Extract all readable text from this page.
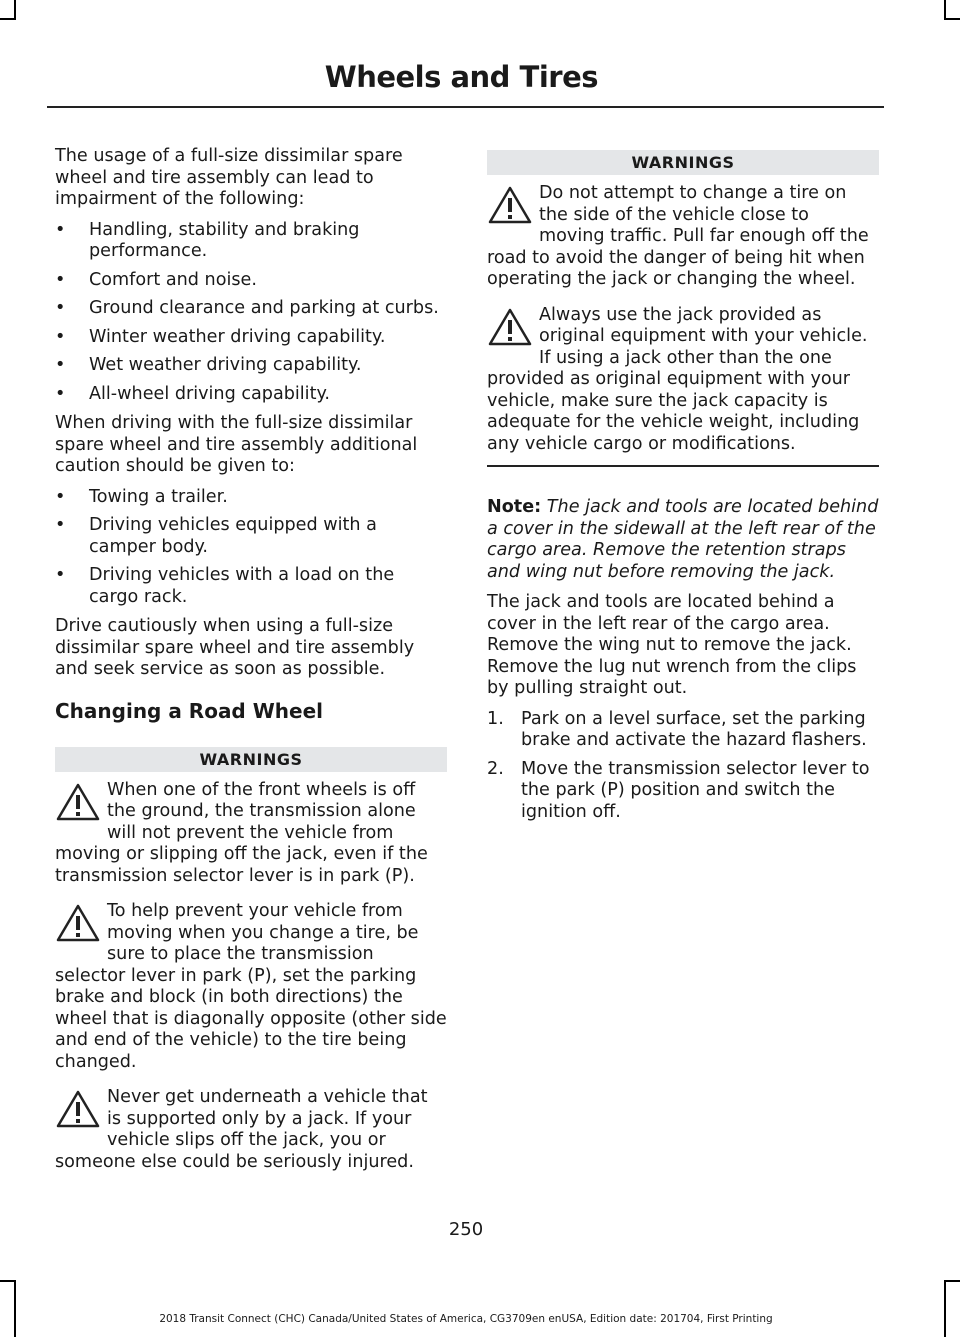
Wheels and Tires

The usage of a full-size dissimilar spare wheel and tire assembly can lead to impairment of the following:

• Handling, stability and braking performance.
• Comfort and noise.
• Ground clearance and parking at curbs.
• Winter weather driving capability.
• Wet weather driving capability.
• All-wheel driving capability.

When driving with the full-size dissimilar spare wheel and tire assembly additional caution should be given to:

• Towing a trailer.
• Driving vehicles equipped with a camper body.
• Driving vehicles with a load on the cargo rack.

Drive cautiously when using a full-size dissimilar spare wheel and tire assembly and seek service as soon as possible.

Changing a Road Wheel
WARNINGS
When one of the front wheels is off the ground, the transmission alone will not prevent the vehicle from moving or slipping off the jack, even if the transmission selector lever is in park (P).
To help prevent your vehicle from moving when you change a tire, be sure to place the transmission selector lever in park (P), set the parking brake and block (in both directions) the wheel that is diagonally opposite (other side and end of the vehicle) to the tire being changed.
Never get underneath a vehicle that is supported only by a jack. If your vehicle slips off the jack, you or someone else could be seriously injured.
WARNINGS
Do not attempt to change a tire on the side of the vehicle close to moving traffic. Pull far enough off the road to avoid the danger of being hit when operating the jack or changing the wheel.
Always use the jack provided as original equipment with your vehicle. If using a jack other than the one provided as original equipment with your vehicle, make sure the jack capacity is adequate for the vehicle weight, including any vehicle cargo or modifications.

Note: The jack and tools are located behind a cover in the sidewall at the left rear of the cargo area. Remove the retention straps and wing nut before removing the jack.

The jack and tools are located behind a cover in the left rear of the cargo area. Remove the wing nut to remove the jack. Remove the lug nut wrench from the clips by pulling straight out.

1. Park on a level surface, set the parking brake and activate the hazard flashers.
2. Move the transmission selector lever to the park (P) position and switch the ignition off.
250
2018 Transit Connect (CHC) Canada/United States of America, CG3709en enUSA, Edition date: 201704, First Printing
